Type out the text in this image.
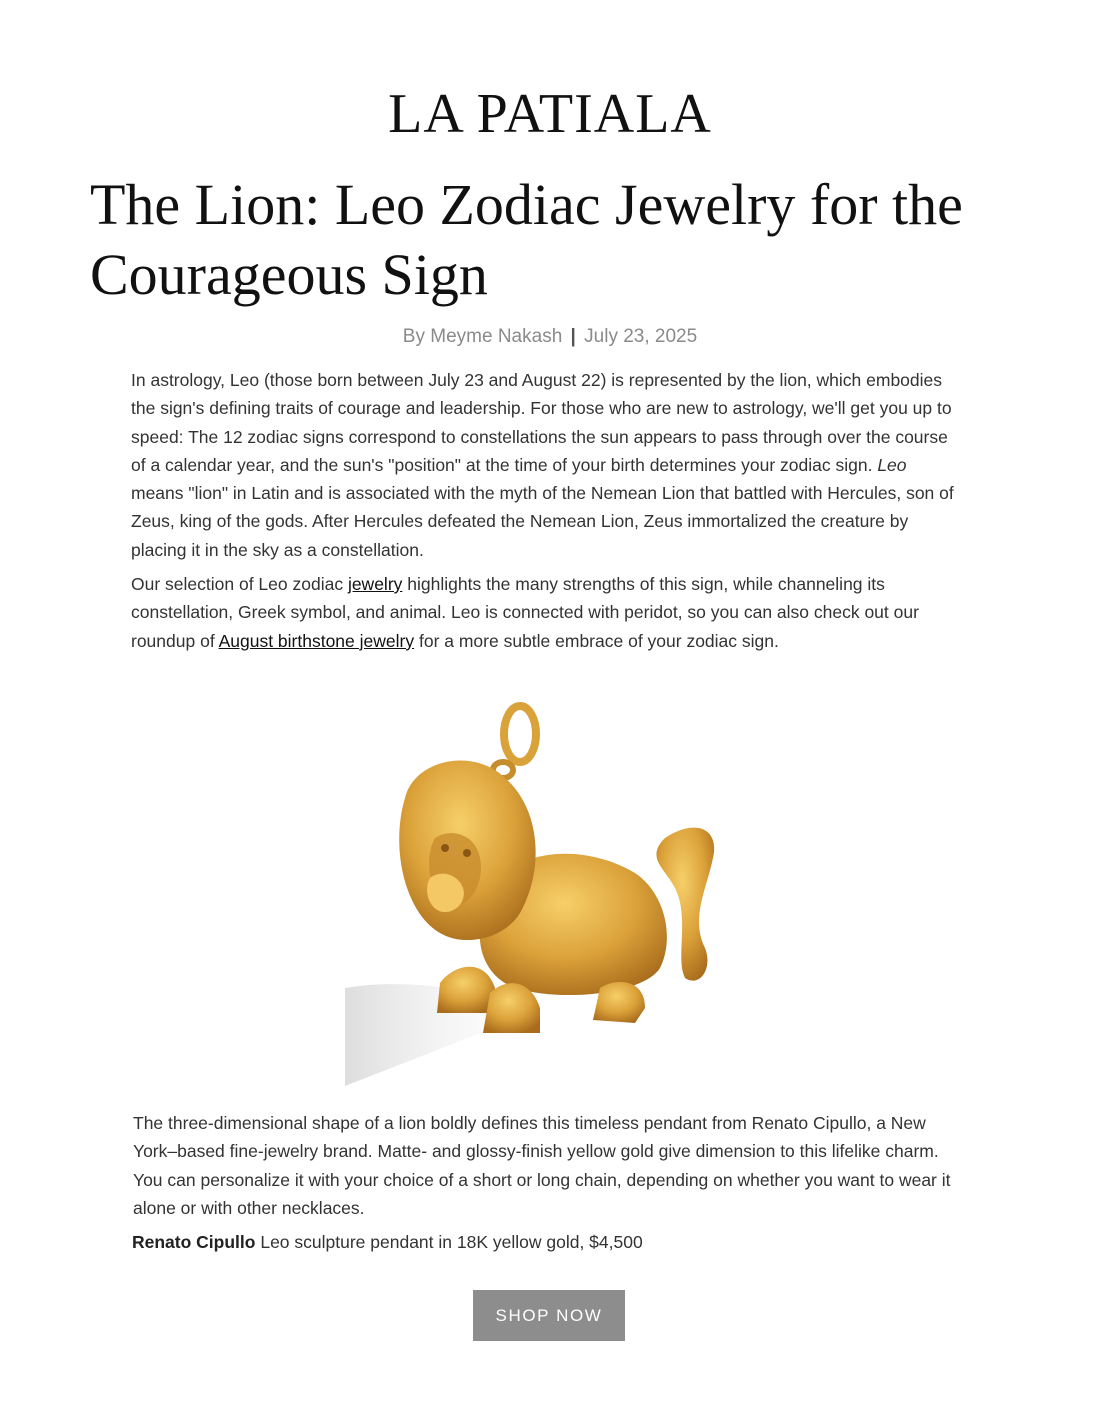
LA PATIALA
The Lion: Leo Zodiac Jewelry for the Courageous Sign
By Meyme Nakash | July 23, 2025

In astrology, Leo (those born between July 23 and August 22) is represented by the lion, which embodies the sign's defining traits of courage and leadership. For those who are new to astrology, we'll get you up to speed: The 12 zodiac signs correspond to constellations the sun appears to pass through over the course of a calendar year, and the sun's "position" at the time of your birth determines your zodiac sign. Leo means "lion" in Latin and is associated with the myth of the Nemean Lion that battled with Hercules, son of Zeus, king of the gods. After Hercules defeated the Nemean Lion, Zeus immortalized the creature by placing it in the sky as a constellation.

Our selection of Leo zodiac jewelry highlights the many strengths of this sign, while channeling its constellation, Greek symbol, and animal. Leo is connected with peridot, so you can also check out our roundup of August birthstone jewelry for a more subtle embrace of your zodiac sign.

The three-dimensional shape of a lion boldly defines this timeless pendant from Renato Cipullo, a New York–based fine-jewelry brand. Matte- and glossy-finish yellow gold give dimension to this lifelike charm. You can personalize it with your choice of a short or long chain, depending on whether you want to wear it alone or with other necklaces.

Renato Cipullo Leo sculpture pendant in 18K yellow gold, $4,500
SHOP NOW
